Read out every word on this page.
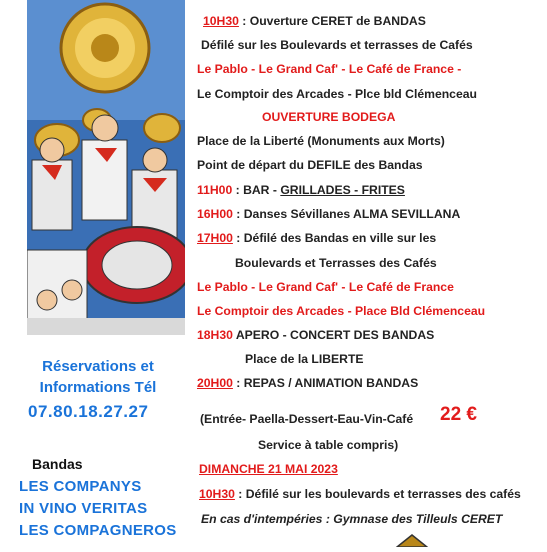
10H30 : Ouverture CERET de BANDAS
Défilé sur les Boulevards et terrasses de Cafés
Le Pablo - Le Grand Caf' - Le Café de France -
Le Comptoir des Arcades - Plce bld Clémenceau
OUVERTURE BODEGA
Place de la Liberté (Monuments aux Morts)
Point de départ du DEFILE des Bandas
11H00 : BAR - GRILLADES - FRITES
16H00 : Danses Sévillanes ALMA SEVILLANA
17H00 : Défilé des Bandas en ville sur les
Boulevards et Terrasses des Cafés
Le Pablo - Le Grand Caf' - Le Café de France
Le Comptoir des Arcades - Place Bld Clémenceau
18H30 APERO - CONCERT DES BANDAS
Place de la LIBERTE
20H00 : REPAS / ANIMATION BANDAS
(Entrée- Paella-Dessert-Eau-Vin-Café 22 €
Service à table compris)
DIMANCHE 21 MAI 2023
10H30 : Défilé sur les boulevards et terrasses des cafés
En cas d'intempéries : Gymnase des Tilleuls CERET
Réservations et Informations Tél
07.80.18.27.27
Bandas
LES COMPANYS
IN VINO VERITAS
LES COMPAGNEROS
